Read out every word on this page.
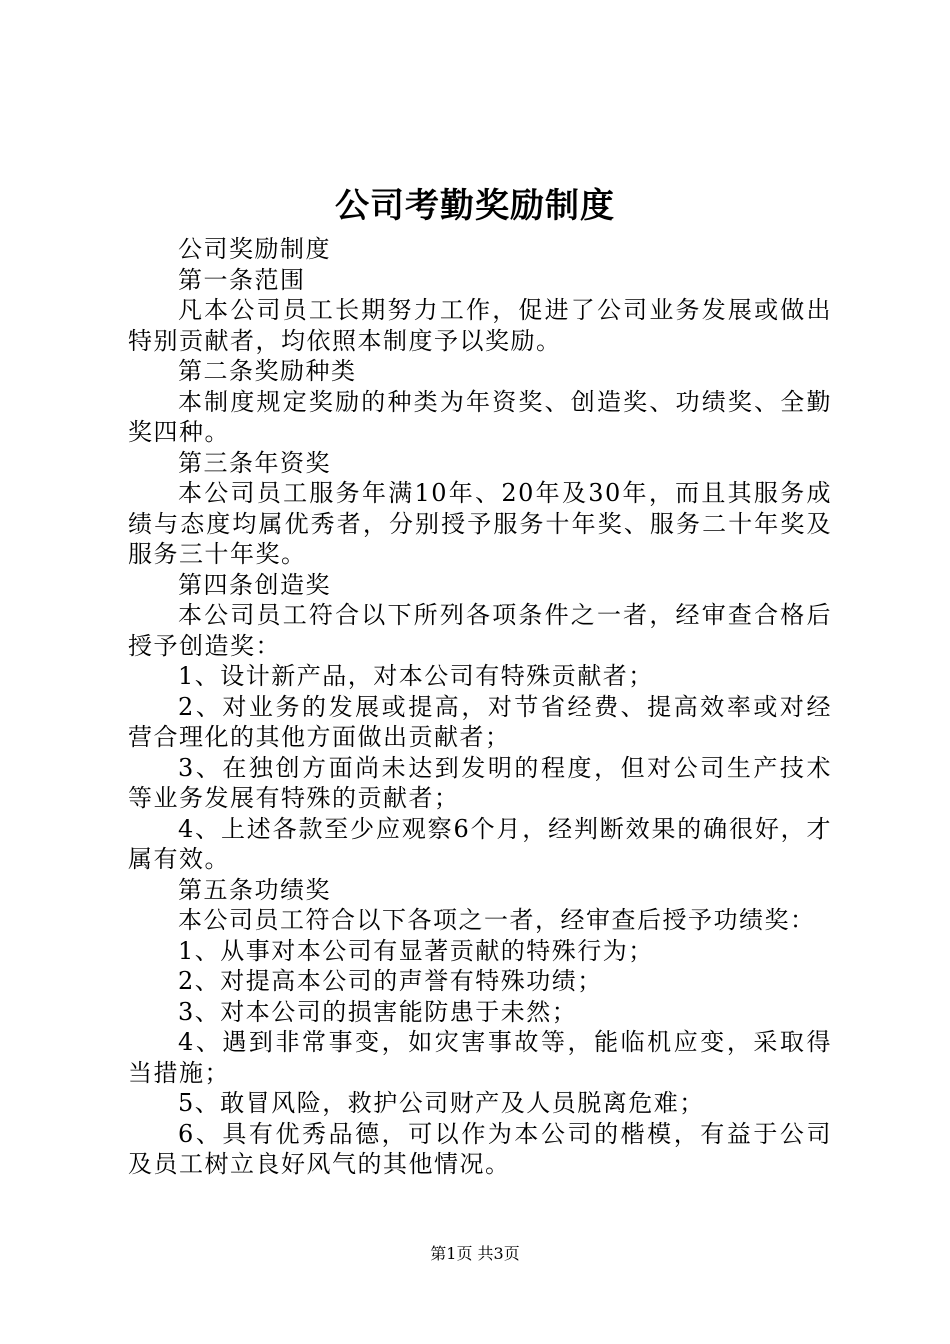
公司考勤奖励制度

公司奖励制度

第一条范围

凡本公司员工长期努力工作，促进了公司业务发展或做出特别贡献者，均依照本制度予以奖励。

第二条奖励种类

本制度规定奖励的种类为年资奖、创造奖、功绩奖、全勤奖四种。

第三条年资奖

本公司员工服务年满10年、20年及30年，而且其服务成绩与态度均属优秀者，分别授予服务十年奖、服务二十年奖及服务三十年奖。

第四条创造奖

本公司员工符合以下所列各项条件之一者，经审查合格后授予创造奖：

1、设计新产品，对本公司有特殊贡献者；

2、对业务的发展或提高，对节省经费、提高效率或对经营合理化的其他方面做出贡献者；

3、在独创方面尚未达到发明的程度，但对公司生产技术等业务发展有特殊的贡献者；

4、上述各款至少应观察6个月，经判断效果的确很好，才属有效。

第五条功绩奖

本公司员工符合以下各项之一者，经审查后授予功绩奖：

1、从事对本公司有显著贡献的特殊行为；

2、对提高本公司的声誉有特殊功绩；

3、对本公司的损害能防患于未然；

4、遇到非常事变，如灾害事故等，能临机应变，采取得当措施；

5、敢冒风险，救护公司财产及人员脱离危难；

6、具有优秀品德，可以作为本公司的楷模，有益于公司及员工树立良好风气的其他情况。

第1页 共3页
